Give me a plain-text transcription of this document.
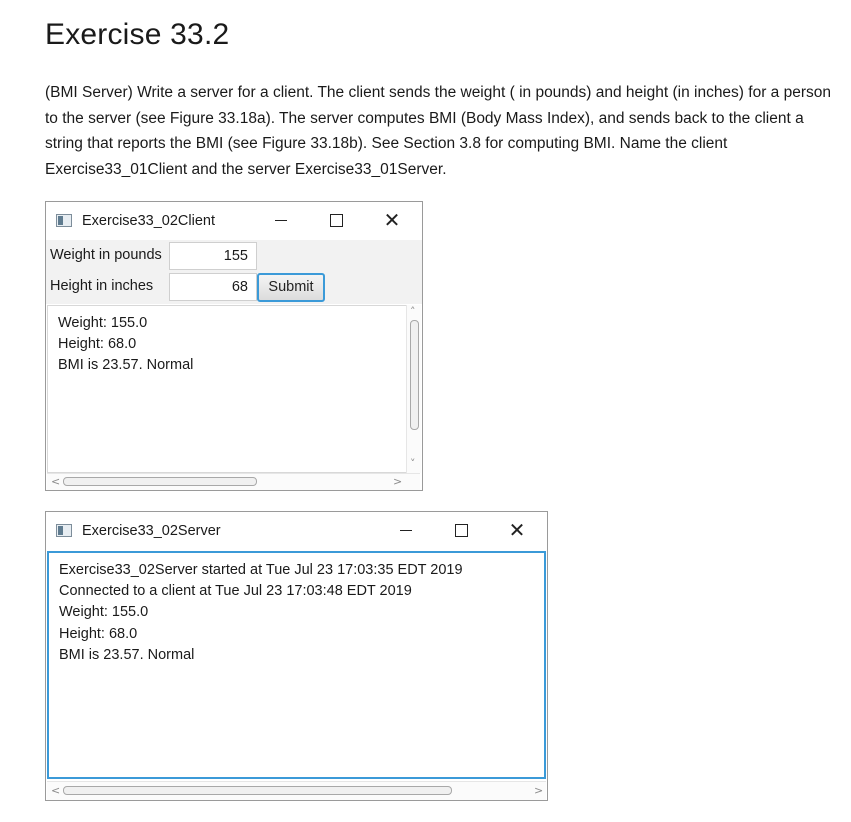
Exercise 33.2

(BMI Server) Write a server for a client. The client sends the weight ( in pounds) and height (in inches) for a person to the server (see Figure 33.18a). The server computes BMI (Body Mass Index), and sends back to the client a string that reports the BMI (see Figure 33.18b). See Section 3.8 for computing BMI. Name the client Exercise33_01Client and the server Exercise33_01Server.

Exercise33_02Client	✕
Weight in pounds	155
Height in inches	68	Submit
Weight: 155.0
Height: 68.0
BMI is 23.57. Normal
˄
˅
<	>
Exercise33_02Server	✕
Exercise33_02Server started at Tue Jul 23 17:03:35 EDT 2019
Connected to a client at Tue Jul 23 17:03:48 EDT 2019
Weight: 155.0
Height: 68.0
BMI is 23.57. Normal
<	>
